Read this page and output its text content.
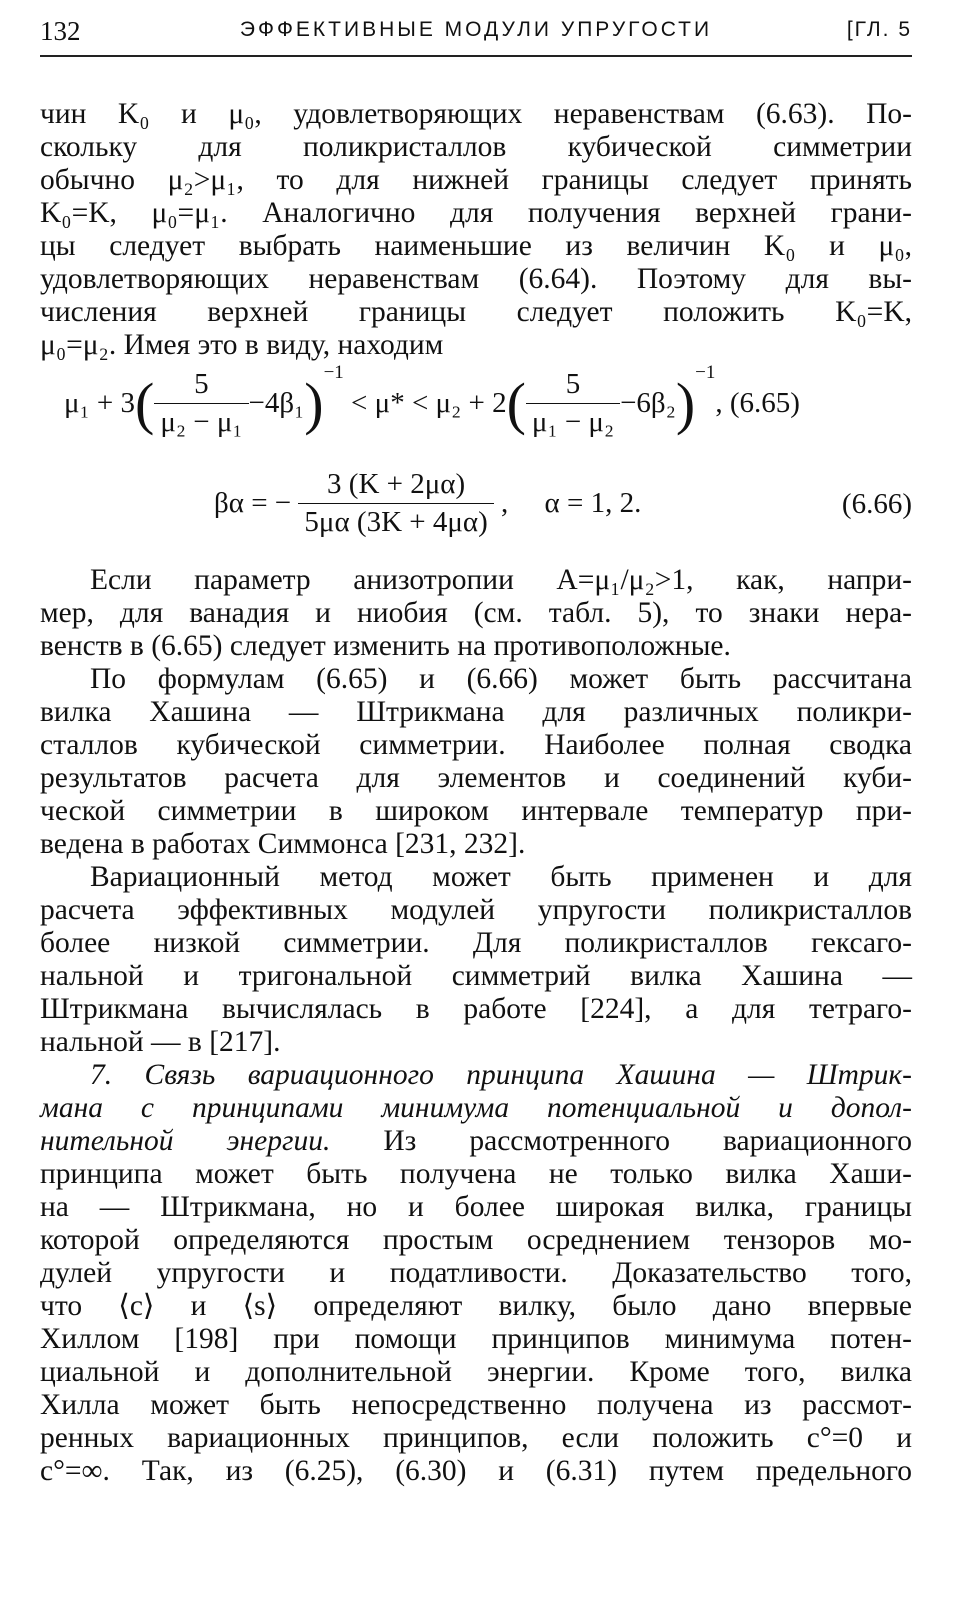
132	ЭФФЕКТИВНЫЕ МОДУЛИ УПРУГОСТИ	[ГЛ. 5
чин K₀ и μ₀, удовлетворяющих неравенствам (6.63). По-
скольку для поликристаллов кубической симметрии
обычно μ₂>μ₁, то для нижней границы следует принять
K₀=K, μ₀=μ₁. Аналогично для получения верхней грани-
цы следует выбрать наименьшие из величин K₀ и μ₀,
удовлетворяющих неравенствам (6.64). Поэтому для вы-
числения верхней границы следует положить K₀=K,
μ₀=μ₂. Имея это в виду, находим
$\mu_1 + 3( \frac{5}{\text{μ₂ − μ₁}} -4\beta_1)^{-1} < \mu* < \mu_2 + 2( \frac{5}{\text{μ₁ − μ₂}} -6\beta_2)^{-1}$, (6.65)
βα = − $\frac{3 (K + 2\mu\alpha)}{5\mu\alpha (3K + 4\mu\alpha)}$ ,     α = 1, 2.	(6.66)
Если параметр анизотропии A=μ₁/μ₂>1, как, напри-
мер, для ванадия и ниобия (см. табл. 5), то знаки нера-
венств в (6.65) следует изменить на противоположные.
По формулам (6.65) и (6.66) может быть рассчитана
вилка Хашина — Штрикмана для различных поликри-
сталлов кубической симметрии. Наиболее полная сводка
результатов расчета для элементов и соединений куби-
ческой симметрии в широком интервале температур при-
ведена в работах Симмонса [231, 232].
Вариационный метод может быть применен и для
расчета эффективных модулей упругости поликристаллов
более низкой симметрии. Для поликристаллов гексаго-
нальной и тригональной симметрий вилка Хашина —
Штрикмана вычислялась в работе [224], а для тетраго-
нальной — в [217].
7. Связь вариационного принципа Хашина — Штрик-
мана с принципами минимума потенциальной и допол-
нительной энергии. Из рассмотренного вариационного
принципа может быть получена не только вилка Хаши-
на — Штрикмана, но и более широкая вилка, границы
которой определяются простым осреднением тензоров мо-
дулей упругости и податливости. Доказательство того,
что ⟨c⟩ и ⟨s⟩ определяют вилку, было дано впервые
Хиллом [198] при помощи принципов минимума потен-
циальной и дополнительной энергии. Кроме того, вилка
Хилла может быть непосредственно получена из рассмот-
ренных вариационных принципов, если положить c°=0 и
c°=∞. Так, из (6.25), (6.30) и (6.31) путем предельного
